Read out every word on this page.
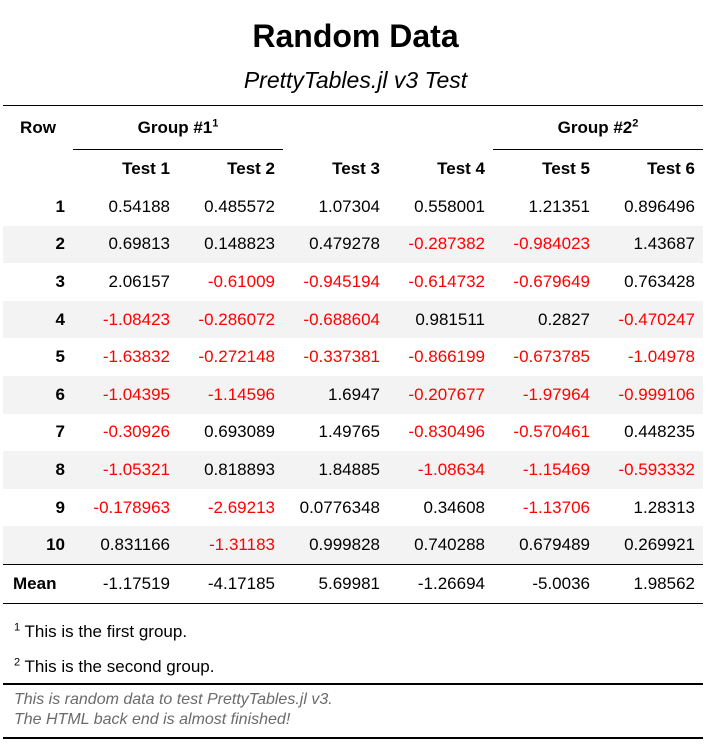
Random Data
PrettyTables.jl v3 Test
Row	Group $\#1^1$				Group $\#2^2$

	Test 1	Test 2	Test 3	Test 4	Test 5	Test 6
1	0.54188	0.485572	1.07304	0.558001	1.21351	0.896496
2	0.69813	0.148823	0.479278	-0.287382	-0.984023	1.43687
3	2.06157	-0.61009	-0.945194	-0.614732	-0.679649	0.763428
4	-1.08423	-0.286072	-0.688604	0.981511	0.2827	-0.470247
5	-1.63832	-0.272148	-0.337381	-0.866199	-0.673785	-1.04978
6	-1.04395	-1.14596	1.6947	-0.207677	-1.97964	-0.999106
7	-0.30926	0.693089	1.49765	-0.830496	-0.570461	0.448235
8	-1.05321	0.818893	1.84885	-1.08634	-1.15469	-0.593332
9	-0.178963	-2.69213	0.0776348	0.34608	-1.13706	1.28313
10	0.831166	-1.31183	0.999828	0.740288	0.679489	0.269921
Mean	-1.17519	-4.17185	5.69981	-1.26694	-5.0036	1.98562
$^1$ This is the first group.
$^2$ This is the second group.
This is random data to test PrettyTables.jl v3.
The HTML back end is almost finished!
